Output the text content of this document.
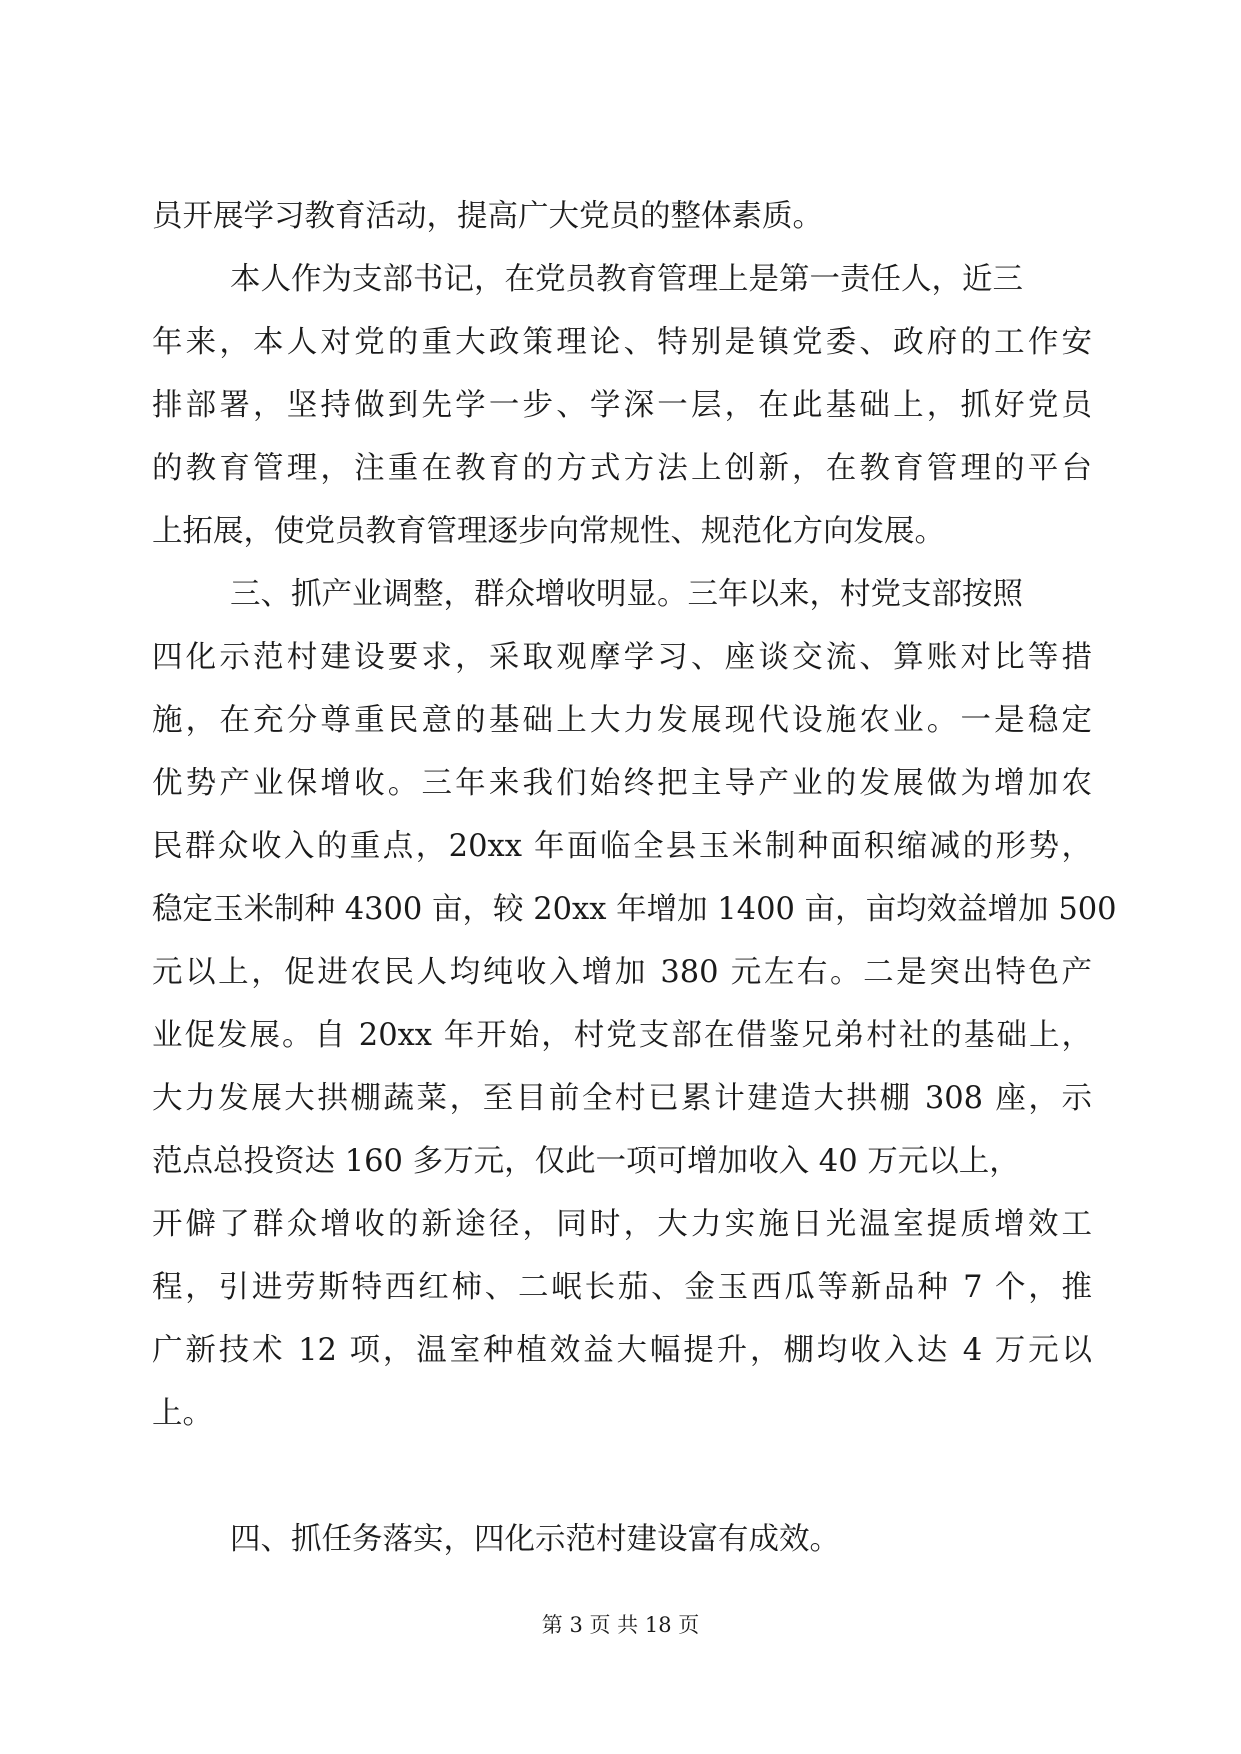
员开展学习教育活动，提高广大党员的整体素质。
本人作为支部书记，在党员教育管理上是第一责任人，近三
年来，本人对党的重大政策理论、特别是镇党委、政府的工作安
排部署，坚持做到先学一步、学深一层，在此基础上，抓好党员
的教育管理，注重在教育的方式方法上创新，在教育管理的平台
上拓展，使党员教育管理逐步向常规性、规范化方向发展。
三、抓产业调整，群众增收明显。三年以来，村党支部按照
四化示范村建设要求，采取观摩学习、座谈交流、算账对比等措
施，在充分尊重民意的基础上大力发展现代设施农业。一是稳定
优势产业保增收。三年来我们始终把主导产业的发展做为增加农
民群众收入的重点，20xx 年面临全县玉米制种面积缩减的形势，
稳定玉米制种 4300 亩，较 20xx 年增加 1400 亩，亩均效益增加 500
元以上，促进农民人均纯收入增加 380 元左右。二是突出特色产
业促发展。自 20xx 年开始，村党支部在借鉴兄弟村社的基础上，
大力发展大拱棚蔬菜，至目前全村已累计建造大拱棚 308 座，示
范点总投资达 160 多万元，仅此一项可增加收入 40 万元以上，
开僻了群众增收的新途径，同时，大力实施日光温室提质增效工
程，引进劳斯特西红柿、二岷长茄、金玉西瓜等新品种 7 个，推
广新技术 12 项，温室种植效益大幅提升，棚均收入达 4 万元以
上。
四、抓任务落实，四化示范村建设富有成效。
第 3 页 共 18 页
